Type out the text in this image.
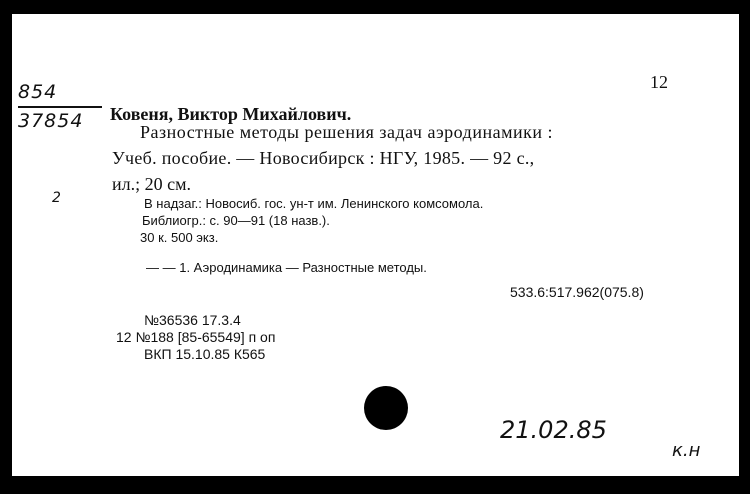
12
854
37854 Ковеня, Виктор Михайлович.
Разностные методы решения задач аэродинамики :
Учеб. пособие. — Новосибирск : НГУ, 1985. — 92 с.,
ил.; 20 см.
2	В надзаг.: Новосиб. гос. ун-т им. Ленинского комсомола.
Библиогр.: с. 90—91 (18 назв.).
30 к. 500 экз.
— — 1. Аэродинамика — Разностные методы.
533.6:517.962(075.8)
№36536 17.3.4
12 №188 [85-65549] п оп
ВКП 15.10.85 К565
21.02.85
к.н
